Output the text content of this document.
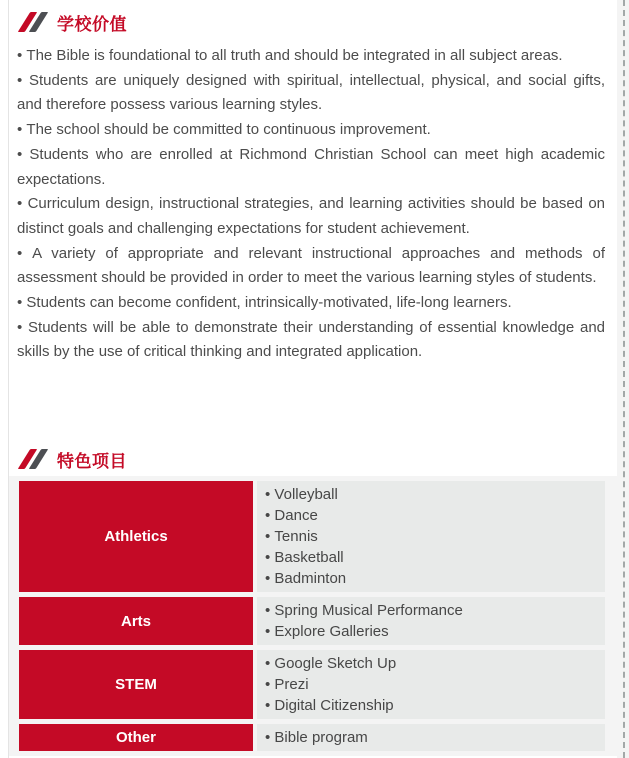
学校价值

• The Bible is foundational to all truth and should be integrated in all subject areas.

• Students are uniquely designed with spiritual, intellectual, physical, and social gifts, and therefore possess various learning styles.

• The school should be committed to continuous improvement.

• Students who are enrolled at Richmond Christian School can meet high academic expectations.

• Curriculum design, instructional strategies, and learning activities should be based on distinct goals and challenging expectations for student achievement.

• A variety of appropriate and relevant instructional approaches and methods of assessment should be provided in order to meet the various learning styles of students.

• Students can become confident, intrinsically-motivated, life-long learners.

• Students will be able to demonstrate their understanding of essential knowledge and skills by the use of critical thinking and integrated application.

特色项目
Athletics
• Volleyball
• Dance
• Tennis
• Basketball
• Badminton
Arts
• Spring Musical Performance
• Explore Galleries
STEM
• Google Sketch Up
• Prezi
• Digital Citizenship
Other	• Bible program
